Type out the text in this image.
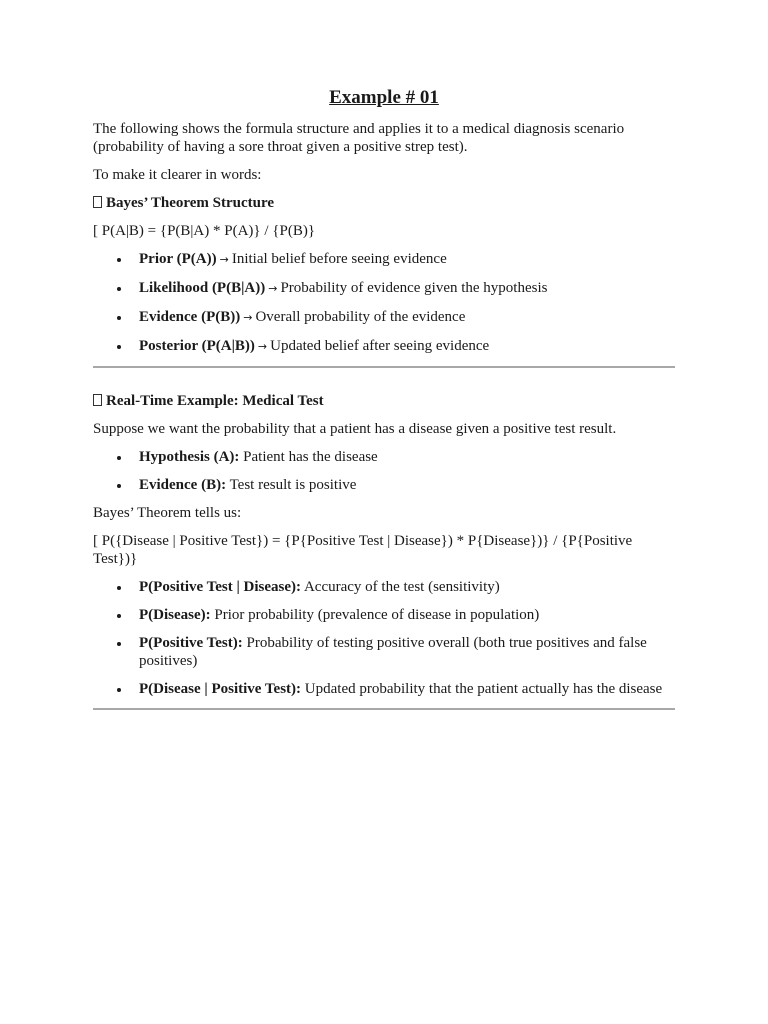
Example # 01

The following shows the formula structure and applies it to a medical diagnosis scenario (probability of having a sore throat given a positive strep test).

To make it clearer in words:

Bayes’ Theorem Structure

[ P(A|B) = {P(B|A) * P(A)} / {P(B)}

Prior (P(A)) → Initial belief before seeing evidence
Likelihood (P(B|A)) → Probability of evidence given the hypothesis
Evidence (P(B)) → Overall probability of the evidence
Posterior (P(A|B)) → Updated belief after seeing evidence

Real-Time Example: Medical Test

Suppose we want the probability that a patient has a disease given a positive test result.

Hypothesis (A): Patient has the disease
Evidence (B): Test result is positive

Bayes’ Theorem tells us:

[ P({Disease | Positive Test}) = {P{Positive Test | Disease}) * P{Disease})} / {P{Positive Test})}

P(Positive Test | Disease): Accuracy of the test (sensitivity)
P(Disease): Prior probability (prevalence of disease in population)
P(Positive Test): Probability of testing positive overall (both true positives and false positives)
P(Disease | Positive Test): Updated probability that the patient actually has the disease
